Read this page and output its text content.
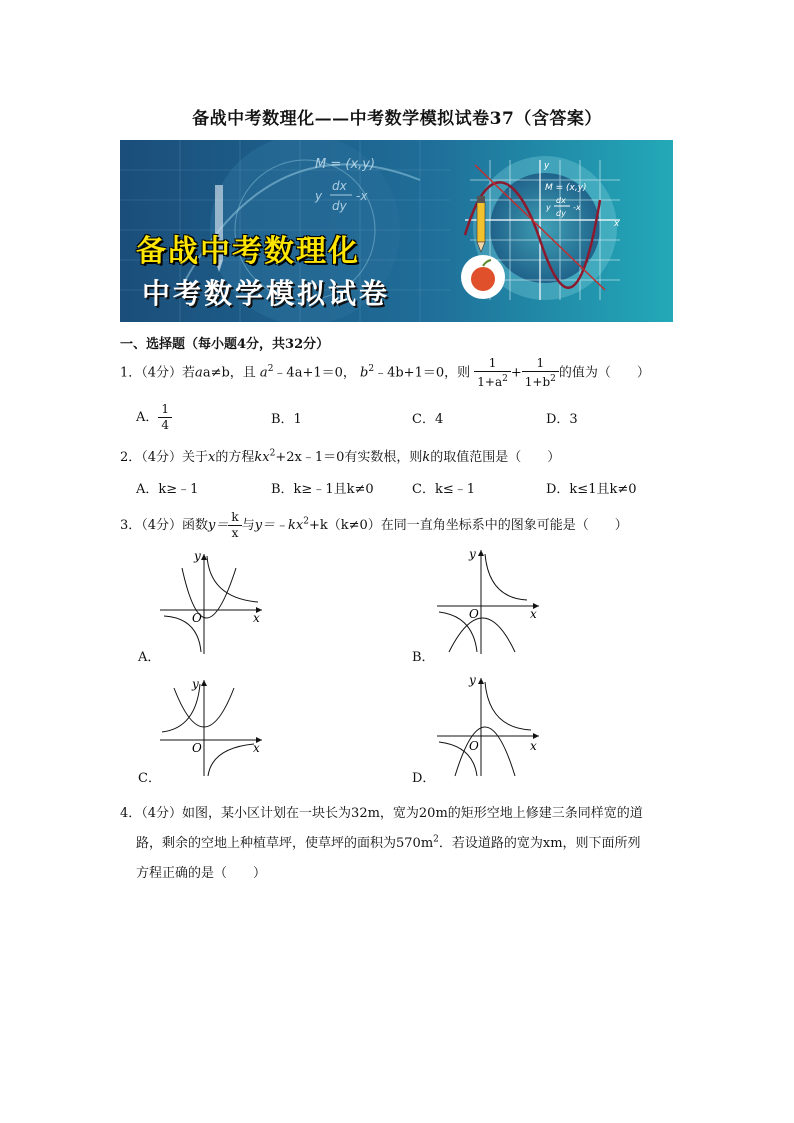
备战中考数理化——中考数学模拟试卷37（含答案）
M = (x,y)
y
dx
dy
-x
x
y
M = (x,y)
y
dx
dy
-x
备战中考数理化
中考数学模拟试卷
一、选择题（每小题4分，共32分）
1．（4分）若aa≠b，且 $a^2﹣4a+1=0$， $b^2﹣4b+1=0$，则 $\frac{1}{1+a^2} + \frac{1}{1+b^2}$ 的值为（　　）
A． $\frac{1}{4}$	B．1	C．4	D．3
2．（4分）关于x的方程$kx^2+2x﹣1=0$有实数根，则k的取值范围是（　　）
A．k≥﹣1	B．k≥﹣1且k≠0	C．k≤﹣1	D．k≤1且k≠0
3．（4分）函数$y= \frac{k}{x}$ 与$y=﹣kx^2+k(k\ne 0)$在同一直角坐标系中的图象可能是（　　）
O	x
y
A．
O	x
y
B．
O	x
y
C．
O	x
y
D．
4．（4分）如图，某小区计划在一块长为32m，宽为20m的矩形空地上修建三条同样宽的道
路，剩余的空地上种植草坪，使草坪的面积为$570m^2$．若设道路的宽为xm，则下面所列
方程正确的是（　　）
